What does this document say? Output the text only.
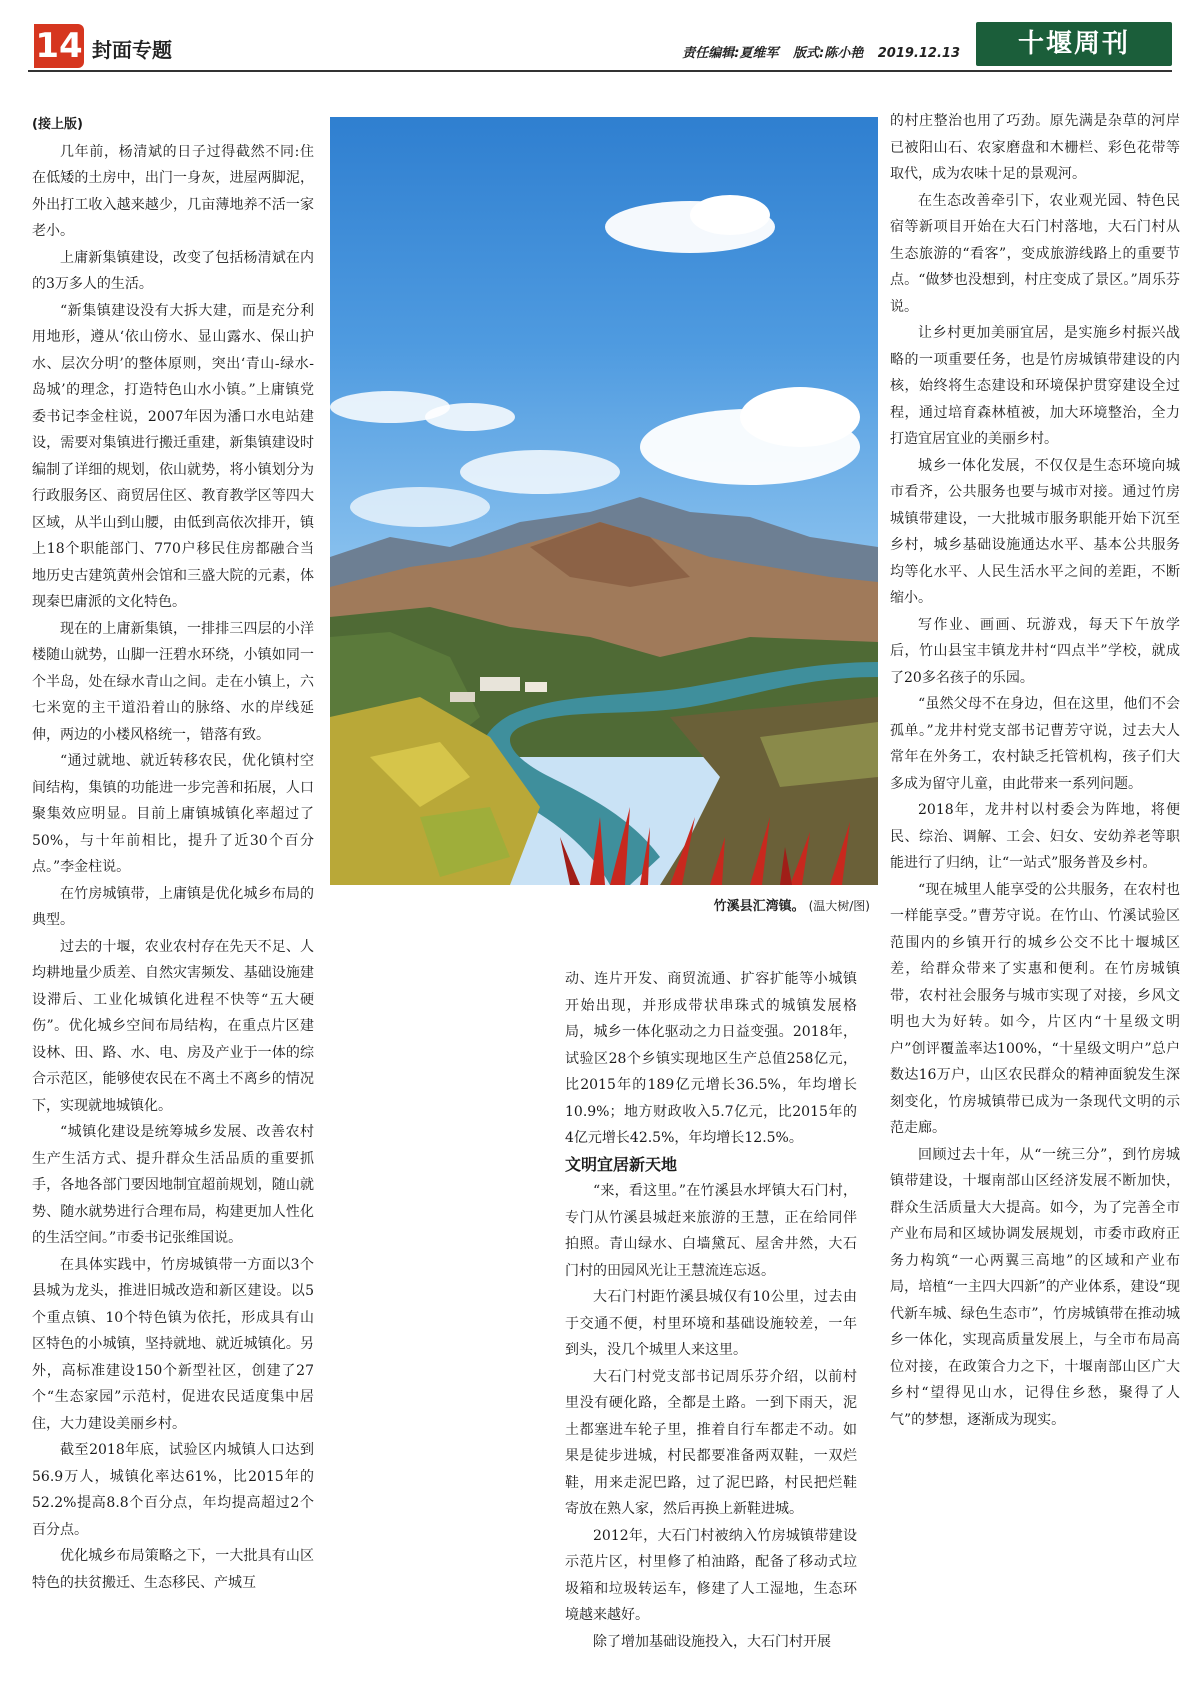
14 封面专题	责任编辑:夏维军 版式:陈小艳 2019.12.13	十堰周刊

(接上版)

几年前，杨清斌的日子过得截然不同:住在低矮的土房中，出门一身灰，进屋两脚泥，外出打工收入越来越少，几亩薄地养不活一家老小。

上庸新集镇建设，改变了包括杨清斌在内的3万多人的生活。

“新集镇建设没有大拆大建，而是充分利用地形，遵从‘依山傍水、显山露水、保山护水、层次分明’的整体原则，突出‘青山-绿水-岛城’的理念，打造特色山水小镇。”上庸镇党委书记李金柱说，2007年因为潘口水电站建设，需要对集镇进行搬迁重建，新集镇建设时编制了详细的规划，依山就势，将小镇划分为行政服务区、商贸居住区、教育教学区等四大区域，从半山到山腰，由低到高依次排开，镇上18个职能部门、770户移民住房都融合当地历史古建筑黄州会馆和三盛大院的元素，体现秦巴庸派的文化特色。

现在的上庸新集镇，一排排三四层的小洋楼随山就势，山脚一汪碧水环绕，小镇如同一个半岛，处在绿水青山之间。走在小镇上，六七米宽的主干道沿着山的脉络、水的岸线延伸，两边的小楼风格统一，错落有致。

“通过就地、就近转移农民，优化镇村空间结构，集镇的功能进一步完善和拓展，人口聚集效应明显。目前上庸镇城镇化率超过了50%，与十年前相比，提升了近30个百分点。”李金柱说。

在竹房城镇带，上庸镇是优化城乡布局的典型。

过去的十堰，农业农村存在先天不足、人均耕地量少质差、自然灾害频发、基础设施建设滞后、工业化城镇化进程不快等“五大硬伤”。优化城乡空间布局结构，在重点片区建设林、田、路、水、电、房及产业于一体的综合示范区，能够使农民在不离土不离乡的情况下，实现就地城镇化。

“城镇化建设是统筹城乡发展、改善农村生产生活方式、提升群众生活品质的重要抓手，各地各部门要因地制宜超前规划，随山就势、随水就势进行合理布局，构建更加人性化的生活空间。”市委书记张维国说。

在具体实践中，竹房城镇带一方面以3个县城为龙头，推进旧城改造和新区建设。以5个重点镇、10个特色镇为依托，形成具有山区特色的小城镇，坚持就地、就近城镇化。另外，高标准建设150个新型社区，创建了27个“生态家园”示范村，促进农民适度集中居住，大力建设美丽乡村。

截至2018年底，试验区内城镇人口达到56.9万人，城镇化率达61%，比2015年的52.2%提高8.8个百分点，年均提高超过2个百分点。

优化城乡布局策略之下，一大批具有山区特色的扶贫搬迁、生态移民、产城互

竹溪县汇湾镇。 (温大树/图)

动、连片开发、商贸流通、扩容扩能等小城镇开始出现，并形成带状串珠式的城镇发展格局，城乡一体化驱动之力日益变强。2018年，试验区28个乡镇实现地区生产总值258亿元，比2015年的189亿元增长36.5%，年均增长10.9%；地方财政收入5.7亿元，比2015年的4亿元增长42.5%，年均增长12.5%。

文明宜居新天地

“来，看这里。”在竹溪县水坪镇大石门村，专门从竹溪县城赶来旅游的王慧，正在给同伴拍照。青山绿水、白墙黛瓦、屋舍井然，大石门村的田园风光让王慧流连忘返。

大石门村距竹溪县城仅有10公里，过去由于交通不便，村里环境和基础设施较差，一年到头，没几个城里人来这里。

大石门村党支部书记周乐芬介绍，以前村里没有硬化路，全都是土路。一到下雨天，泥土都塞进车轮子里，推着自行车都走不动。如果是徒步进城，村民都要准备两双鞋，一双烂鞋，用来走泥巴路，过了泥巴路，村民把烂鞋寄放在熟人家，然后再换上新鞋进城。

2012年，大石门村被纳入竹房城镇带建设示范片区，村里修了柏油路，配备了移动式垃圾箱和垃圾转运车，修建了人工湿地，生态环境越来越好。

除了增加基础设施投入，大石门村开展

的村庄整治也用了巧劲。原先满是杂草的河岸已被阳山石、农家磨盘和木栅栏、彩色花带等取代，成为农味十足的景观河。

在生态改善牵引下，农业观光园、特色民宿等新项目开始在大石门村落地，大石门村从生态旅游的“看客”，变成旅游线路上的重要节点。“做梦也没想到，村庄变成了景区。”周乐芬说。

让乡村更加美丽宜居，是实施乡村振兴战略的一项重要任务，也是竹房城镇带建设的内核，始终将生态建设和环境保护贯穿建设全过程，通过培育森林植被，加大环境整治，全力打造宜居宜业的美丽乡村。

城乡一体化发展，不仅仅是生态环境向城市看齐，公共服务也要与城市对接。通过竹房城镇带建设，一大批城市服务职能开始下沉至乡村，城乡基础设施通达水平、基本公共服务均等化水平、人民生活水平之间的差距，不断缩小。

写作业、画画、玩游戏，每天下午放学后，竹山县宝丰镇龙井村“四点半”学校，就成了20多名孩子的乐园。

“虽然父母不在身边，但在这里，他们不会孤单。”龙井村党支部书记曹芳守说，过去大人常年在外务工，农村缺乏托管机构，孩子们大多成为留守儿童，由此带来一系列问题。

2018年，龙井村以村委会为阵地，将便民、综治、调解、工会、妇女、安幼养老等职能进行了归纳，让“一站式”服务普及乡村。

“现在城里人能享受的公共服务，在农村也一样能享受。”曹芳守说。在竹山、竹溪试验区范围内的乡镇开行的城乡公交不比十堰城区差，给群众带来了实惠和便利。在竹房城镇带，农村社会服务与城市实现了对接，乡风文明也大为好转。如今，片区内“十星级文明户”创评覆盖率达100%，“十星级文明户”总户数达16万户，山区农民群众的精神面貌发生深刻变化，竹房城镇带已成为一条现代文明的示范走廊。

回顾过去十年，从“一统三分”，到竹房城镇带建设，十堰南部山区经济发展不断加快，群众生活质量大大提高。如今，为了完善全市产业布局和区域协调发展规划，市委市政府正务力构筑“一心两翼三高地”的区域和产业布局，培植“一主四大四新”的产业体系，建设“现代新车城、绿色生态市”，竹房城镇带在推动城乡一体化，实现高质量发展上，与全市布局高位对接，在政策合力之下，十堰南部山区广大乡村“望得见山水，记得住乡愁，聚得了人气”的梦想，逐渐成为现实。
